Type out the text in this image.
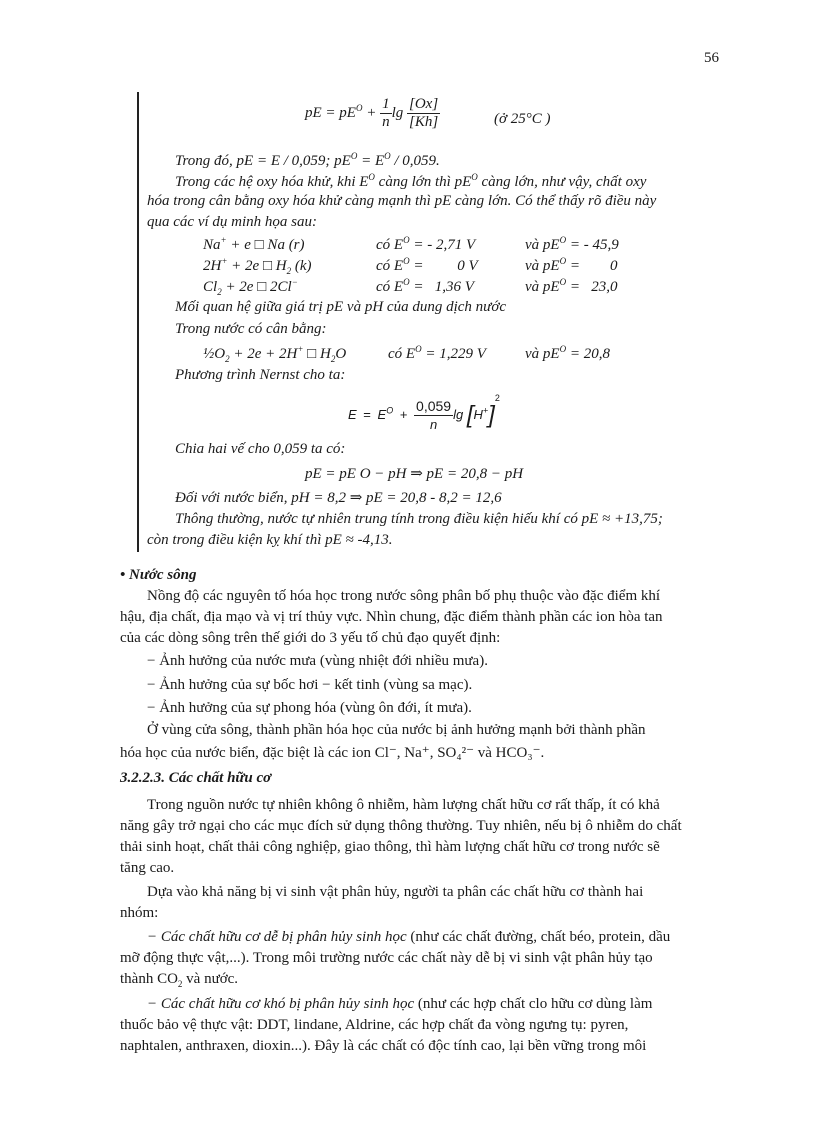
56
pE = $pE^O + \frac{1}{n}$ $\lg \frac{[Ox]}{[Kh]}$	(ở 25°C )
Trong đó, pE = E / 0,059; $pE^O = E^O / 0,059$.
Trong các hệ oxy hóa khử, khi $E^O$ càng lớn thì $pE^O$ càng lớn, như vậy, chất oxy
hóa trong cân bằng oxy hóa khử càng mạnh thì pE càng lớn. Có thể thấy rõ điều này
qua các ví dụ minh họa sau:
Na+ + e □ Na (r)	có $E^O$ = - 2,71 V	và $pE^O$ = - 45,9
2H+ + 2e □ $H_2$ (k)	có $E^O$ =         0 V	và $pE^O$ =        0
$Cl_2 + 2e$ □ 2Cl−	có $E^O = 1,36$ V	và $pE^O = 23,0$
Mối quan hệ giữa giá trị pE và pH của dung dịch nước
Trong nước có cân bằng:
$\frac{1}{2}O_2 + 2e + 2H^+$ □ $H_2O$	có $E^O = 1,229$ V	và $pE^O = 20,8$
Phương trình Nernst cho ta:
$E = E^O + \frac{0,059}{n}$ $\lg [H^+]^2$
Chia hai vế cho 0,059 ta có:
pE = pE O − pH ⇒ pE = 20,8 − pH
Đối với nước biển, pH = 8,2 ⇒ pE = 20,8 - 8,2 = 12,6
Thông thường, nước tự nhiên trung tính trong điều kiện hiếu khí có pE ≈ +13,75;
còn trong điều kiện kỵ khí thì pE ≈ -4,13.
• Nước sông
Nồng độ các nguyên tố hóa học trong nước sông phân bố phụ thuộc vào đặc điểm khí
hậu, địa chất, địa mạo và vị trí thủy vực. Nhìn chung, đặc điểm thành phần các ion hòa tan
của các dòng sông trên thế giới do 3 yếu tố chủ đạo quyết định:
− Ảnh hưởng của nước mưa (vùng nhiệt đới nhiều mưa).
− Ảnh hưởng của sự bốc hơi − kết tinh (vùng sa mạc).
− Ảnh hưởng của sự phong hóa (vùng ôn đới, ít mưa).
Ở vùng cửa sông, thành phần hóa học của nước bị ảnh hưởng mạnh bởi thành phần
hóa học của nước biển, đặc biệt là các ion Cl⁻, Na⁺, SO₄²⁻ và HCO₃⁻.
3.2.2.3. Các chất hữu cơ
Trong nguồn nước tự nhiên không ô nhiễm, hàm lượng chất hữu cơ rất thấp, ít có khả
năng gây trở ngại cho các mục đích sử dụng thông thường. Tuy nhiên, nếu bị ô nhiễm do chất
thải sinh hoạt, chất thải công nghiệp, giao thông, thì hàm lượng chất hữu cơ trong nước sẽ
tăng cao.
Dựa vào khả năng bị vi sinh vật phân hủy, người ta phân các chất hữu cơ thành hai
nhóm:
− Các chất hữu cơ dễ bị phân hủy sinh học (như các chất đường, chất béo, protein, dầu
mỡ động thực vật,...). Trong môi trường nước các chất này dễ bị vi sinh vật phân hủy tạo
thành $CO_2$ và nước.
− Các chất hữu cơ khó bị phân hủy sinh học (như các hợp chất clo hữu cơ dùng làm
thuốc bảo vệ thực vật: DDT, lindane, Aldrine, các hợp chất đa vòng ngưng tụ: pyren,
naphtalen, anthraxen, dioxin...). Đây là các chất có độc tính cao, lại bền vững trong môi
